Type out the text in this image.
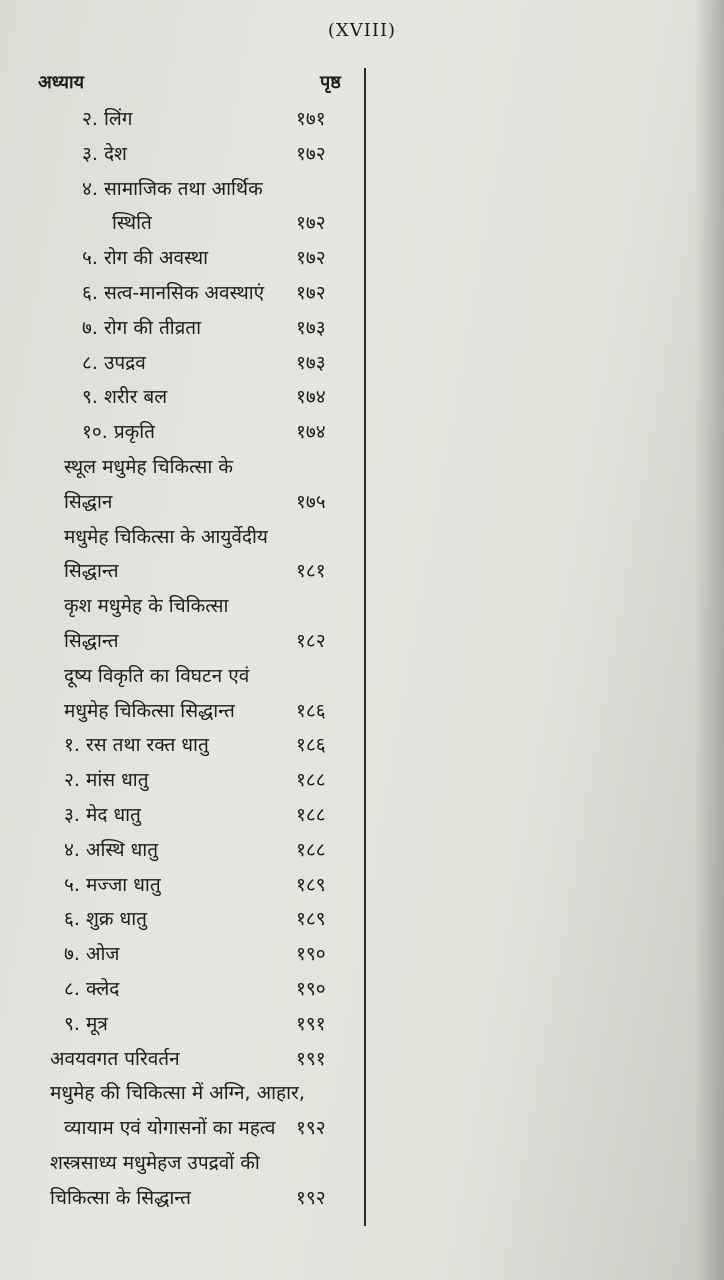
(XVIII)
अध्याय	पृष्ठ
२. लिंग	१७१
३. देश	१७२
४. सामाजिक तथा आर्थिक
स्थिति	१७२
५. रोग की अवस्था	१७२
६. सत्व-मानसिक अवस्थाएं १७२
७. रोग की तीव्रता	१७३
८. उपद्रव	१७३
९. शरीर बल	१७४
१०. प्रकृति	१७४
स्थूल मधुमेह चिकित्सा के
सिद्धान	१७५
मधुमेह चिकित्सा के आयुर्वेदीय
सिद्धान्त	१८१
कृश मधुमेह के चिकित्सा
सिद्धान्त	१८२
दूष्य विकृति का विघटन एवं
मधुमेह चिकित्सा सिद्धान्त	१८६
१. रस तथा रक्त धातु	१८६
२. मांस धातु	१८८
३. मेद धातु	१८८
४. अस्थि धातु	१८८
५. मज्जा धातु	१८९
६. शुक्र धातु	१८९
७. ओज	१९०
८. क्लेद	१९०
९. मूत्र	१९१
अवयवगत परिवर्तन	१९१
मधुमेह की चिकित्सा में अग्नि, आहार,
व्यायाम एवं योगासनों का महत्व १९२
शस्त्रसाध्य मधुमेहज उपद्रवों की
चिकित्सा के सिद्धान्त	१९२
